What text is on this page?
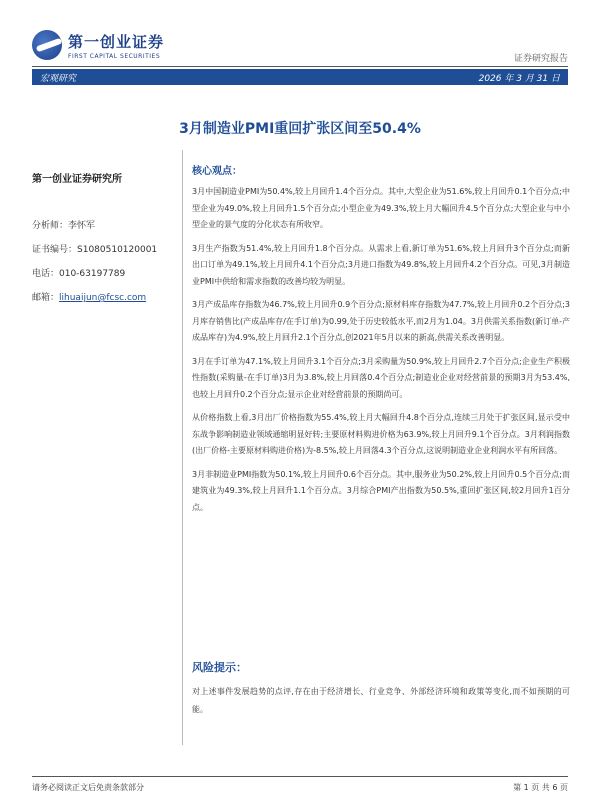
第一创业证券
FIRST CAPITAL SECURITIES	证券研究报告
宏观研究	2026 年 3 月 31 日
3月制造业PMI重回扩张区间至50.4%
第一创业证券研究所
分析师：李怀军
证书编号：S1080510120001
电话：010-63197789
邮箱：lihuaijun@fcsc.com
核心观点：

3月中国制造业PMI为50.4%,较上月回升1.4个百分点。其中,大型企业为51.6%,较上月回升0.1个百分点;中型企业为49.0%,较上月回升1.5个百分点;小型企业为49.3%,较上月大幅回升4.5个百分点;大型企业与中小型企业的景气度的分化状态有所收窄。

3月生产指数为51.4%,较上月回升1.8个百分点。从需求上看,新订单为51.6%,较上月回升3个百分点;而新出口订单为49.1%,较上月回升4.1个百分点;3月进口指数为49.8%,较上月回升4.2个百分点。可见,3月制造业PMI中供给和需求指数的改善均较为明显。

3月产成品库存指数为46.7%,较上月回升0.9个百分点;原材料库存指数为47.7%,较上月回升0.2个百分点;3月库存销售比(产成品库存/在手订单)为0.99,处于历史较低水平,而2月为1.04。3月供需关系指数(新订单-产成品库存)为4.9%,较上月回升2.1个百分点,创2021年5月以来的新高,供需关系改善明显。

3月在手订单为47.1%,较上月回升3.1个百分点;3月采购量为50.9%,较上月回升2.7个百分点;企业生产积极性指数(采购量-在手订单)3月为3.8%,较上月回落0.4个百分点;制造业企业对经营前景的预期3月为53.4%,也较上月回升0.2个百分点;显示企业对经营前景的预期尚可。

从价格指数上看,3月出厂价格指数为55.4%,较上月大幅回升4.8个百分点,连续三月处于扩张区间,显示受中东战争影响制造业领域通缩明显好转;主要原材料购进价格为63.9%,较上月回升9.1个百分点。3月利润指数(出厂价格-主要原材料购进价格)为-8.5%,较上月回落4.3个百分点,这说明制造业企业利润水平有所回落。

3月非制造业PMI指数为50.1%,较上月回升0.6个百分点。其中,服务业为50.2%,较上月回升0.5个百分点;而建筑业为49.3%,较上月回升1.1个百分点。3月综合PMI产出指数为50.5%,重回扩张区间,较2月回升1百分点。

风险提示：

对上述事件发展趋势的点评,存在由于经济增长、行业竞争、外部经济环境和政策等变化,而不如预期的可能。

请务必阅读正文后免责条款部分	第 1 页 共 6 页
